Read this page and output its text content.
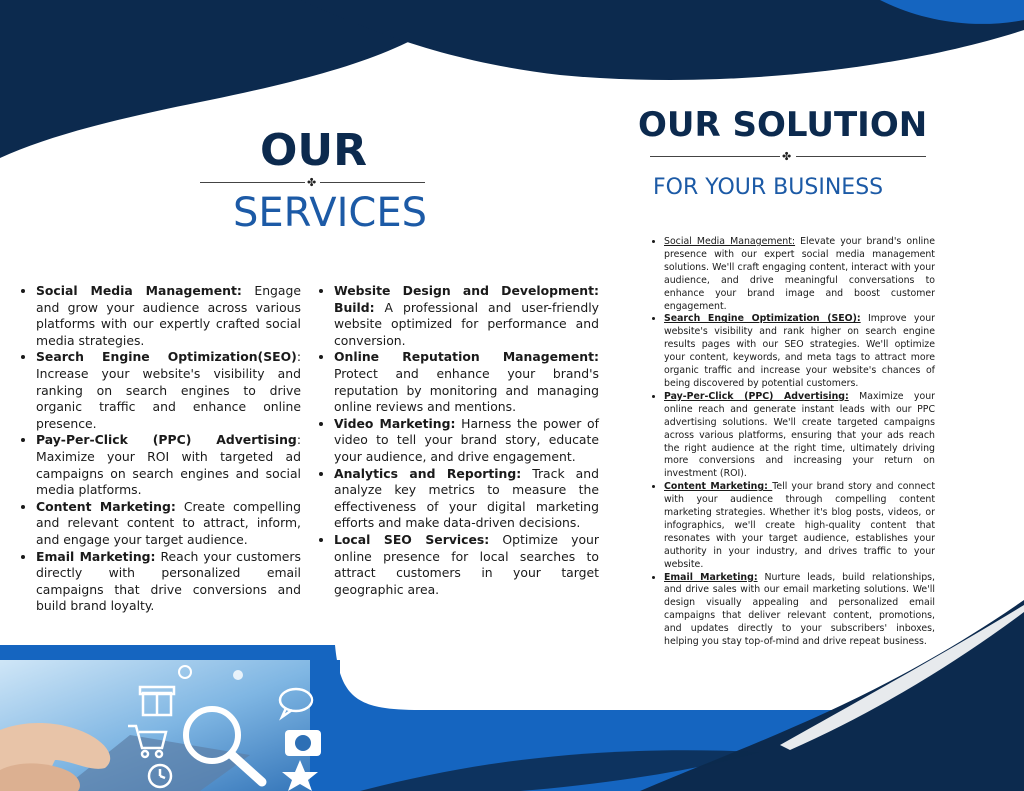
OUR
✤
SERVICES
OUR SOLUTION
✤
FOR YOUR BUSINESS
• Social Media Management: Engage and grow your audience across various platforms with our expertly crafted social media strategies.
• Search Engine Optimization(SEO): Increase your website's visibility and ranking on search engines to drive organic traffic and enhance online presence.
• Pay-Per-Click (PPC) Advertising: Maximize your ROI with targeted ad campaigns on search engines and social media platforms.
• Content Marketing: Create compelling and relevant content to attract, inform, and engage your target audience.
• Email Marketing: Reach your customers directly with personalized email campaigns that drive conversions and build brand loyalty.
• Website Design and Development: Build: A professional and user-friendly website optimized for performance and conversion.
• Online Reputation Management: Protect and enhance your brand's reputation by monitoring and managing online reviews and mentions.
• Video Marketing: Harness the power of video to tell your brand story, educate your audience, and drive engagement.
• Analytics and Reporting: Track and analyze key metrics to measure the effectiveness of your digital marketing efforts and make data-driven decisions.
• Local SEO Services: Optimize your online presence for local searches to attract customers in your target geographic area.
• Social Media Management: Elevate your brand's online presence with our expert social media management solutions. We'll craft engaging content, interact with your audience, and drive meaningful conversations to enhance your brand image and boost customer engagement.
• Search Engine Optimization (SEO): Improve your website's visibility and rank higher on search engine results pages with our SEO strategies. We'll optimize your content, keywords, and meta tags to attract more organic traffic and increase your website's chances of being discovered by potential customers.
• Pay-Per-Click (PPC) Advertising: Maximize your online reach and generate instant leads with our PPC advertising solutions. We'll create targeted campaigns across various platforms, ensuring that your ads reach the right audience at the right time, ultimately driving more conversions and increasing your return on investment (ROI).
• Content Marketing: Tell your brand story and connect with your audience through compelling content marketing strategies. Whether it's blog posts, videos, or infographics, we'll create high-quality content that resonates with your target audience, establishes your authority in your industry, and drives traffic to your website.
• Email Marketing: Nurture leads, build relationships, and drive sales with our email marketing solutions. We'll design visually appealing and personalized email campaigns that deliver relevant content, promotions, and updates directly to your subscribers' inboxes, helping you stay top-of-mind and drive repeat business.
